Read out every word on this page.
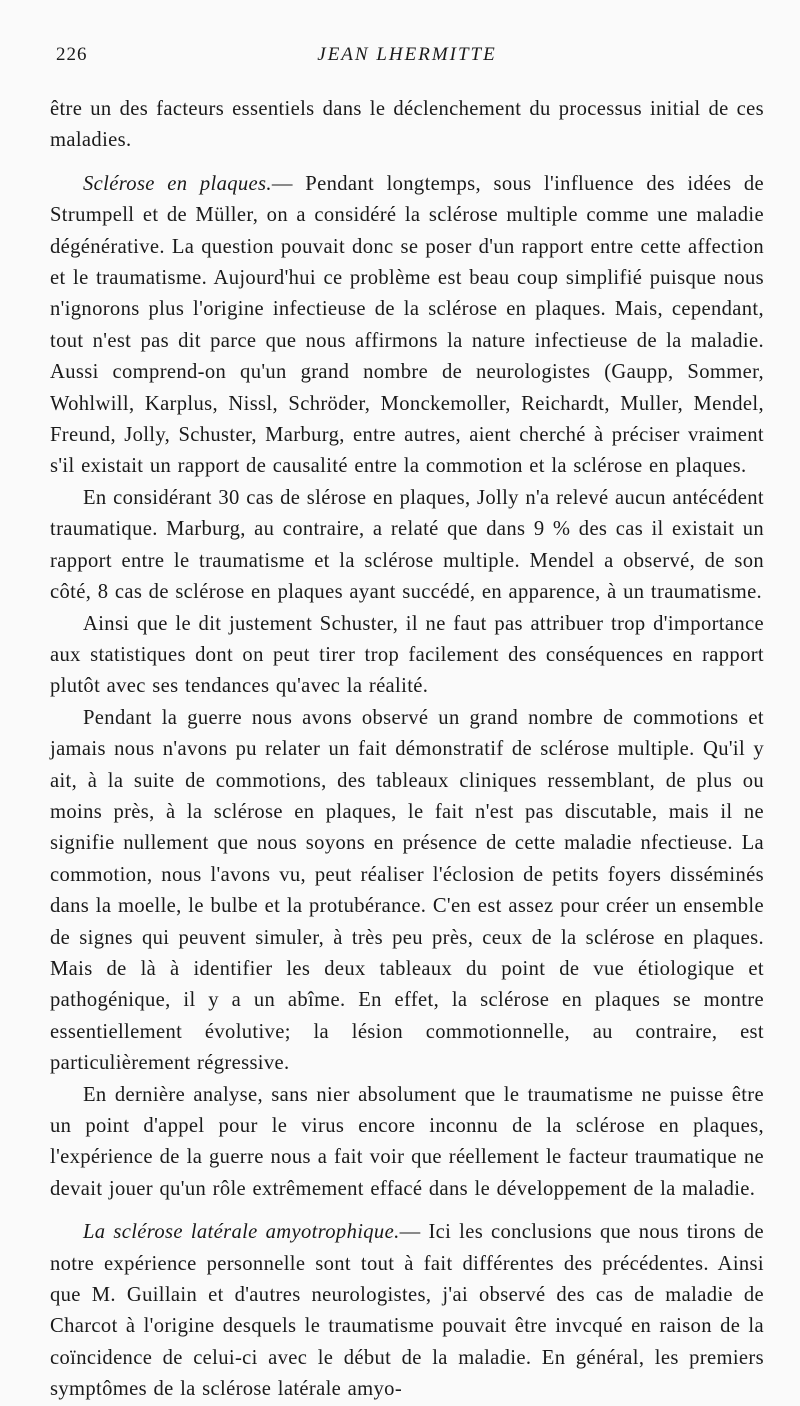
226	JEAN LHERMITTE

être un des facteurs essentiels dans le déclenchement du processus initial de ces maladies.

Sclérose en plaques.— Pendant longtemps, sous l'influence des idées de Strumpell et de Müller, on a considéré la sclérose multiple comme une maladie dégénérative. La question pouvait donc se poser d'un rapport entre cette affection et le traumatisme. Aujourd'hui ce problème est beau coup simplifié puisque nous n'ignorons plus l'origine infectieuse de la sclérose en plaques. Mais, cependant, tout n'est pas dit parce que nous affirmons la nature infectieuse de la maladie. Aussi comprend-on qu'un grand nombre de neurologistes (Gaupp, Sommer, Wohlwill, Karplus, Nissl, Schröder, Monckemoller, Reichardt, Muller, Mendel, Freund, Jolly, Schuster, Marburg, entre autres, aient cherché à préciser vraiment s'il existait un rapport de causalité entre la commotion et la sclérose en plaques.

En considérant 30 cas de slérose en plaques, Jolly n'a relevé aucun antécédent traumatique. Marburg, au contraire, a relaté que dans 9 % des cas il existait un rapport entre le traumatisme et la sclérose multiple. Mendel a observé, de son côté, 8 cas de sclérose en plaques ayant succédé, en apparence, à un traumatisme.

Ainsi que le dit justement Schuster, il ne faut pas attribuer trop d'importance aux statistiques dont on peut tirer trop facilement des conséquences en rapport plutôt avec ses tendances qu'avec la réalité.

Pendant la guerre nous avons observé un grand nombre de commotions et jamais nous n'avons pu relater un fait démonstratif de sclérose multiple. Qu'il y ait, à la suite de commotions, des tableaux cliniques ressemblant, de plus ou moins près, à la sclérose en plaques, le fait n'est pas discutable, mais il ne signifie nullement que nous soyons en présence de cette maladie nfectieuse. La commotion, nous l'avons vu, peut réaliser l'éclosion de petits foyers disséminés dans la moelle, le bulbe et la protubérance. C'en est assez pour créer un ensemble de signes qui peuvent simuler, à très peu près, ceux de la sclérose en plaques. Mais de là à identifier les deux tableaux du point de vue étiologique et pathogénique, il y a un abîme. En effet, la sclérose en plaques se montre essentiellement évolutive; la lésion commotionnelle, au contraire, est particulièrement régressive.

En dernière analyse, sans nier absolument que le traumatisme ne puisse être un point d'appel pour le virus encore inconnu de la sclérose en plaques, l'expérience de la guerre nous a fait voir que réellement le facteur traumatique ne devait jouer qu'un rôle extrêmement effacé dans le développement de la maladie.

La sclérose latérale amyotrophique.— Ici les conclusions que nous tirons de notre expérience personnelle sont tout à fait différentes des précédentes. Ainsi que M. Guillain et d'autres neurologistes, j'ai observé des cas de maladie de Charcot à l'origine desquels le traumatisme pouvait être invcqué en raison de la coïncidence de celui-ci avec le début de la maladie. En général, les premiers symptômes de la sclérose latérale amyo-
